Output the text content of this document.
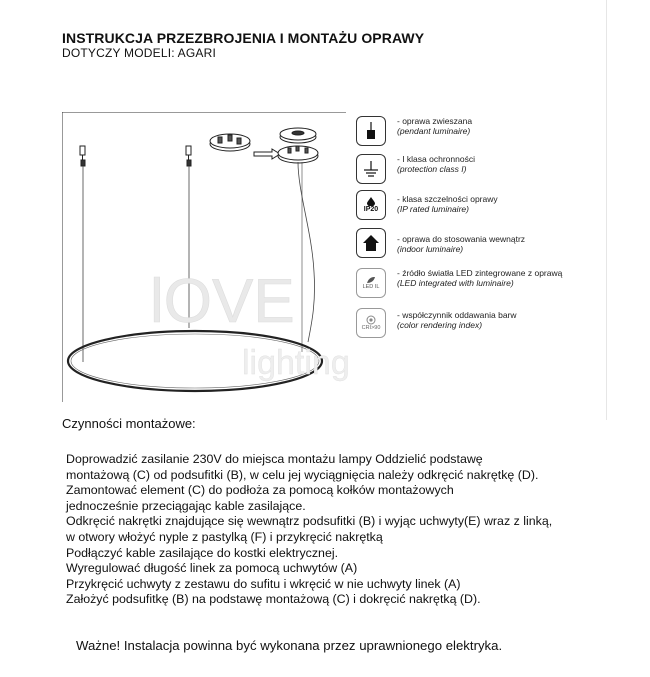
INSTRUKCJA PRZEZBROJENIA I MONTAŻU OPRAWY
DOTYCZY MODELI: AGARI
lOVE
lighting
- oprawa zwieszana
(pendant luminaire)
- I klasa ochronności
(protection class I)
IP20
- klasa szczelności oprawy
(IP rated luminaire)
- oprawa do stosowania wewnątrz
(indoor luminaire)
LED IL
- źródło światła LED zintegrowane z oprawą
(LED integrated with luminaire)
CRI>90
- współczynnik oddawania barw
(color rendering index)
Czynności montażowe:

Doprowadzić zasilanie 230V do miejsca montażu lampy Oddzielić podstawę

montażową (C) od podsufitki (B), w celu jej wyciągnięcia należy odkręcić nakrętkę (D).

Zamontować element (C) do podłoża za pomocą kołków montażowych

jednocześnie przeciągając kable zasilające.

Odkręcić nakrętki znajdujące się wewnątrz podsufitki (B) i wyjąc uchwyty(E) wraz z linką,

w otwory włożyć nyple z pastylką (F) i przykręcić nakrętką

Podłączyć kable zasilające do kostki elektrycznej.

Wyregulować długość linek za pomocą uchwytów (A)

Przykręcić uchwyty z zestawu do sufitu i wkręcić w nie uchwyty linek (A)

Założyć podsufitkę (B) na podstawę montażową (C) i dokręcić nakrętką (D).

Ważne! Instalacja powinna być wykonana przez uprawnionego elektryka.
